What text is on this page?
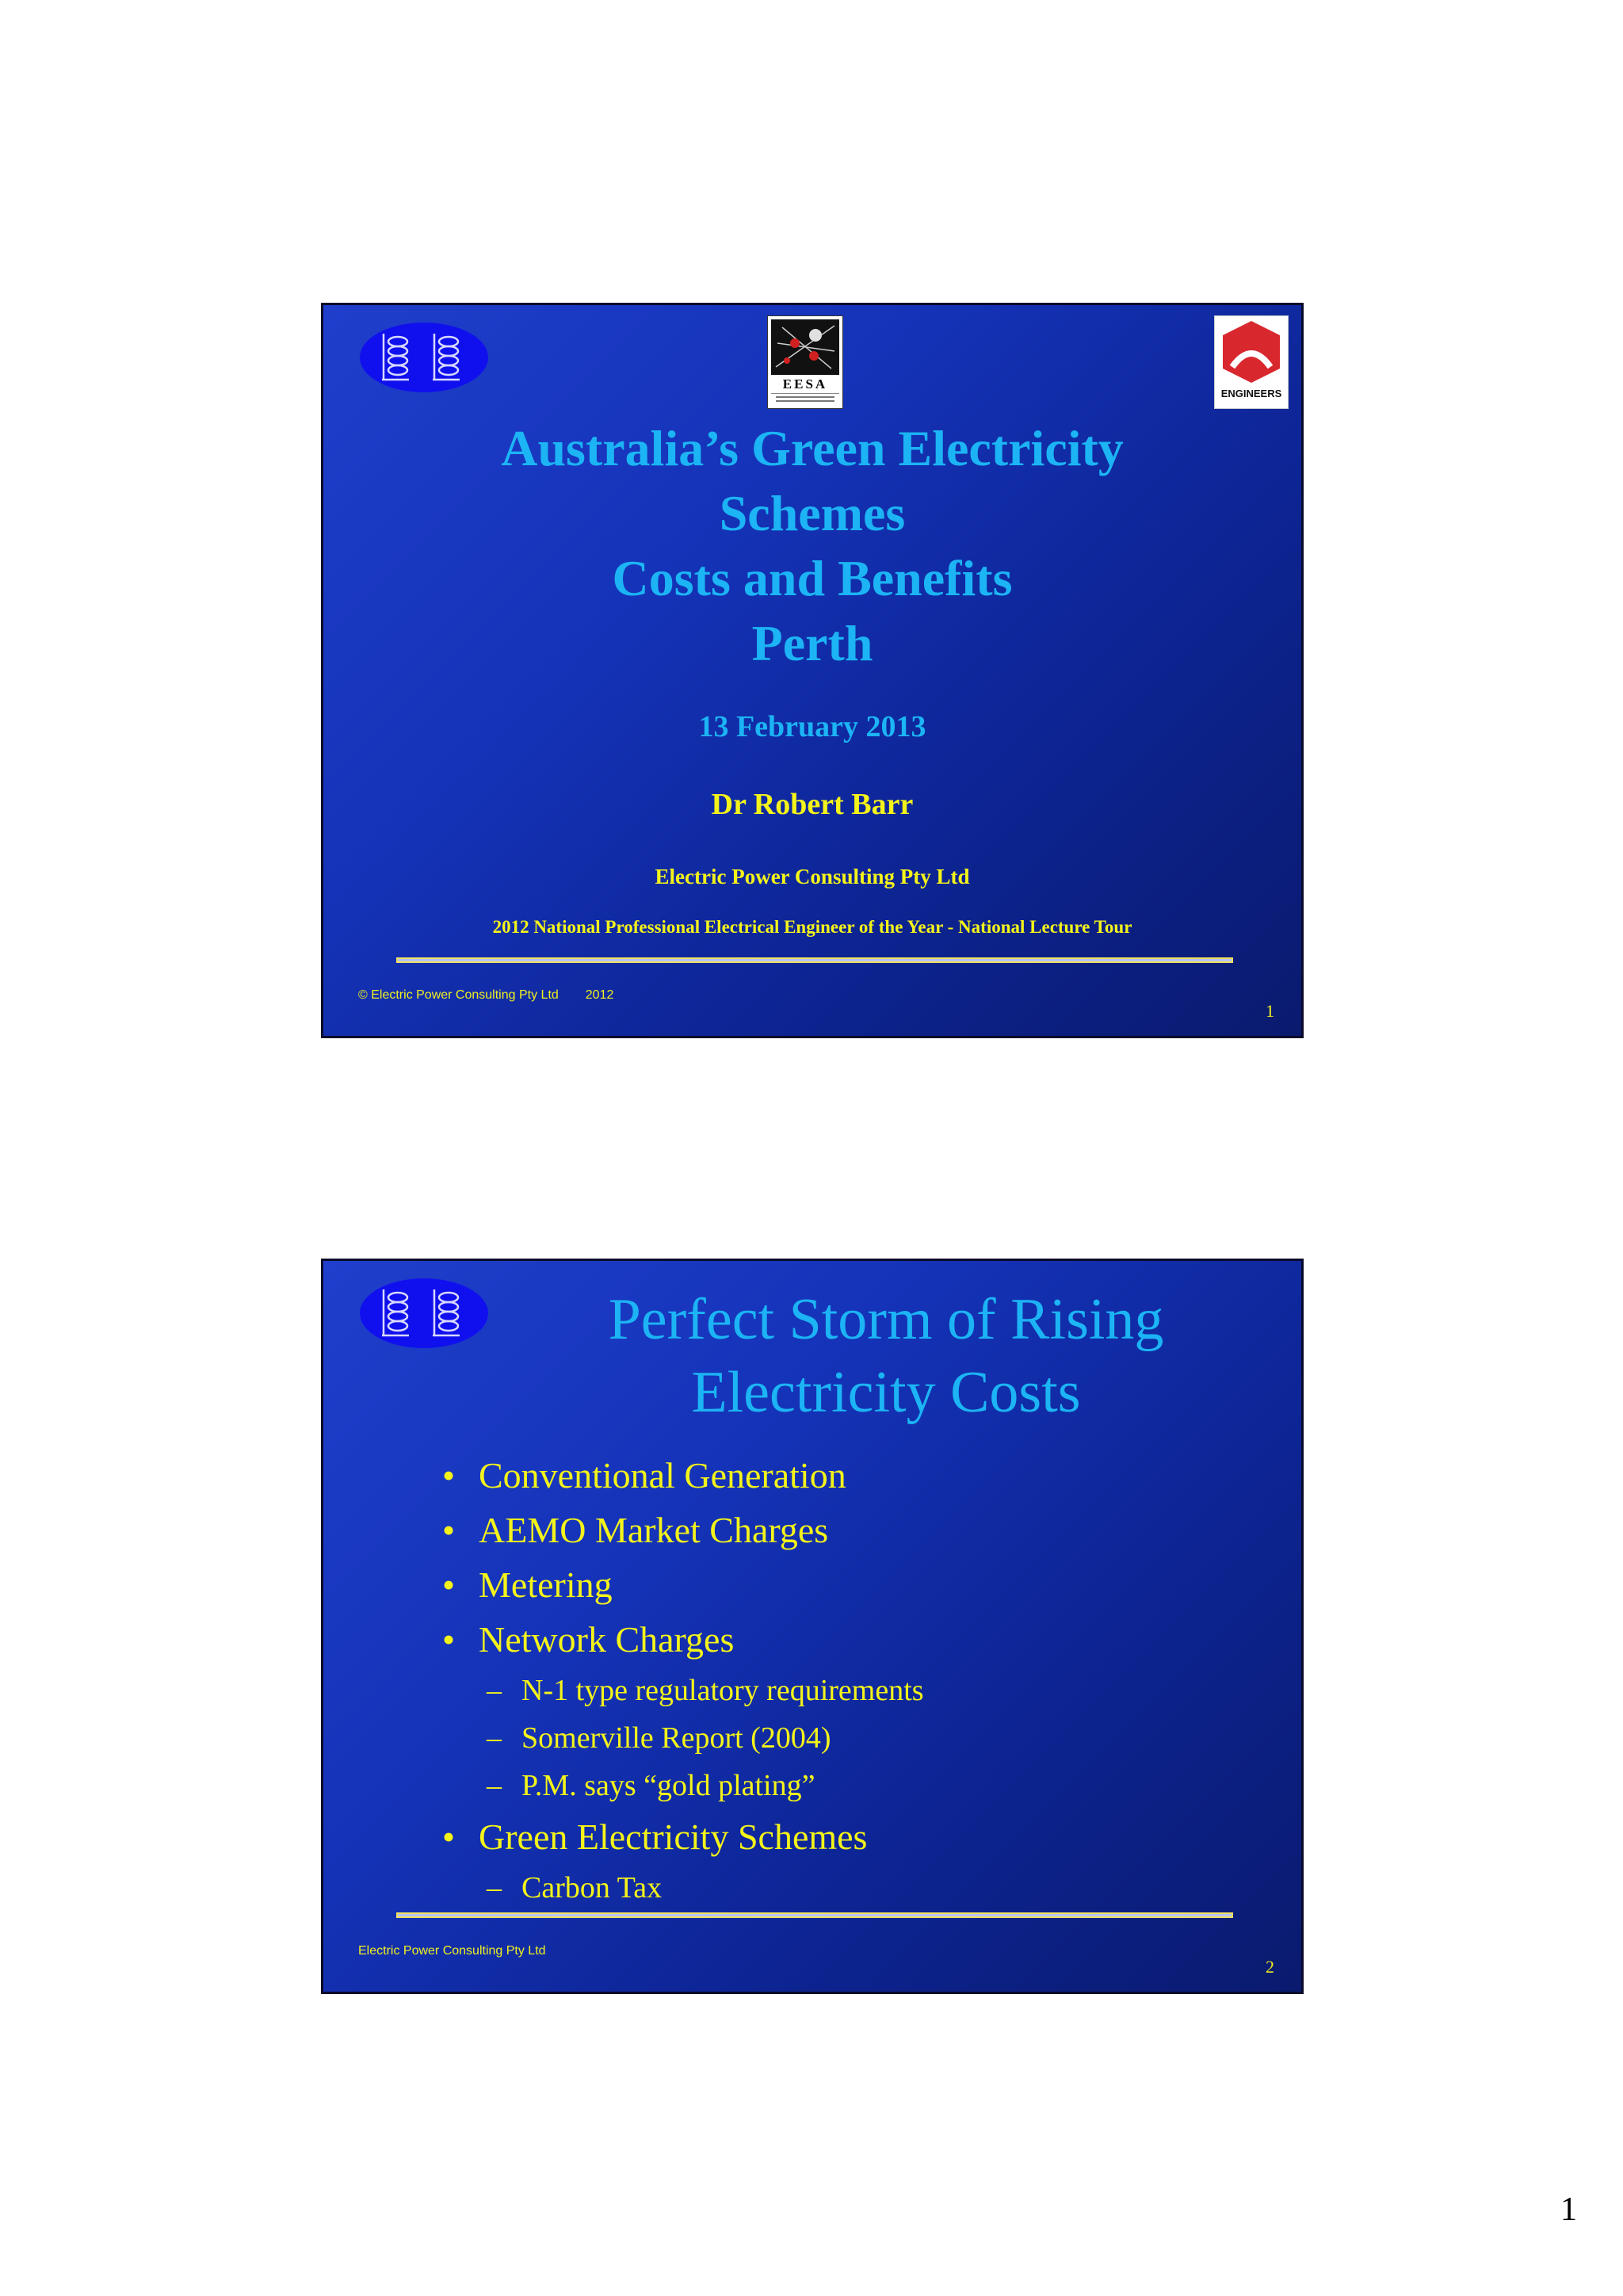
EESA
ENGINEERS
Australia’s Green Electricity
Schemes
Costs and Benefits
Perth
13 February 2013
Dr Robert Barr
Electric Power Consulting Pty Ltd
2012 National Professional Electrical Engineer of the Year - National Lecture Tour
© Electric Power Consulting Pty Ltd 2012
1
Perfect Storm of Rising
Electricity Costs
• Conventional Generation
• AEMO Market Charges
• Metering
• Network Charges
– N-1 type regulatory requirements
– Somerville Report (2004)
– P.M. says “gold plating”
• Green Electricity Schemes
– Carbon Tax
Electric Power Consulting Pty Ltd
2
1
